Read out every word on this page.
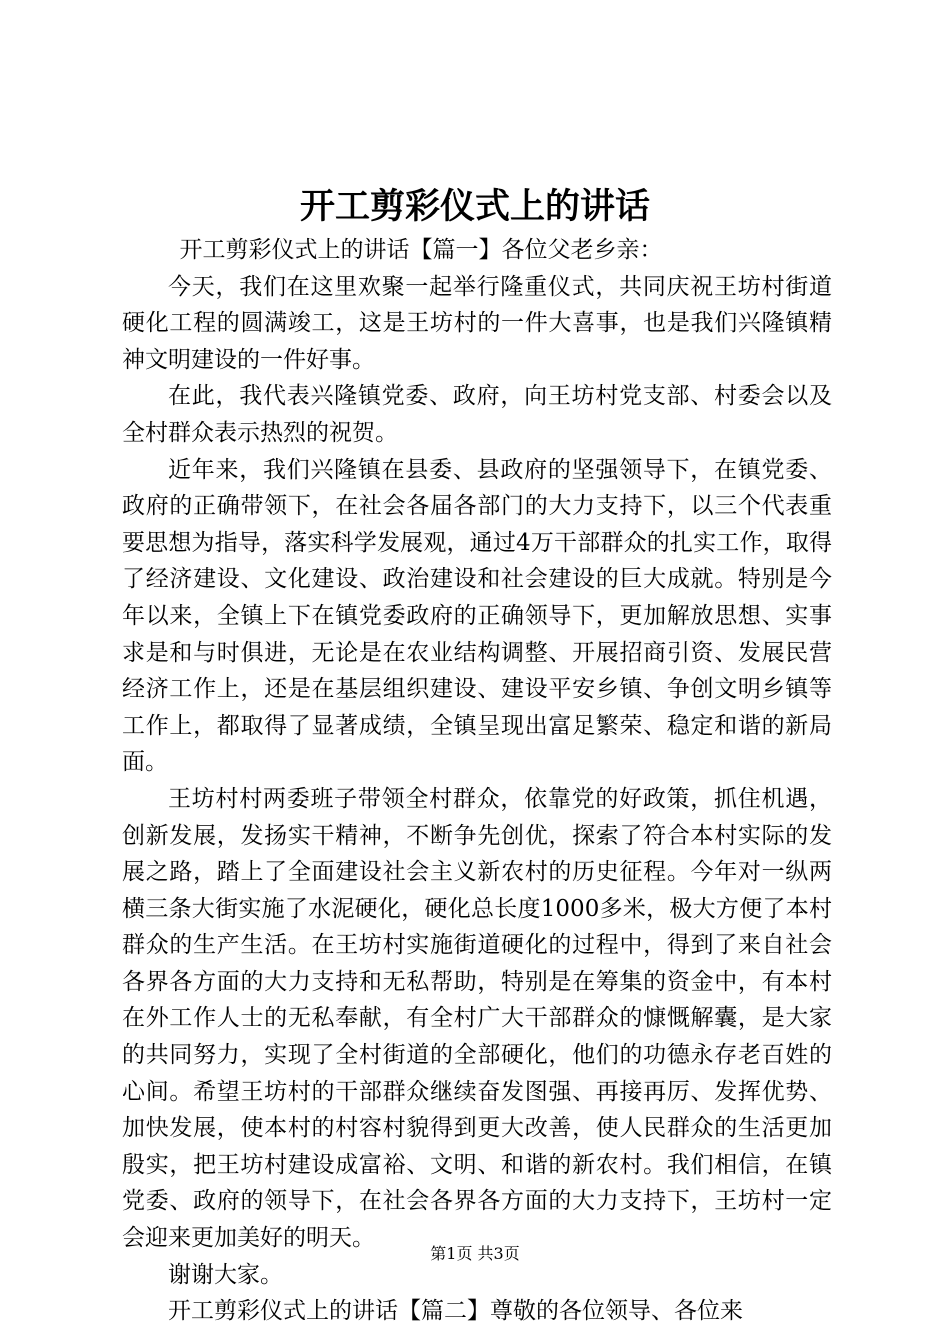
开工剪彩仪式上的讲话

开工剪彩仪式上的讲话【篇一】各位父老乡亲：

今天，我们在这里欢聚一起举行隆重仪式，共同庆祝王坊村街道硬化工程的圆满竣工，这是王坊村的一件大喜事，也是我们兴隆镇精神文明建设的一件好事。

在此，我代表兴隆镇党委、政府，向王坊村党支部、村委会以及全村群众表示热烈的祝贺。

近年来，我们兴隆镇在县委、县政府的坚强领导下，在镇党委、政府的正确带领下，在社会各届各部门的大力支持下，以三个代表重要思想为指导，落实科学发展观，通过4万干部群众的扎实工作，取得了经济建设、文化建设、政治建设和社会建设的巨大成就。特别是今年以来，全镇上下在镇党委政府的正确领导下，更加解放思想、实事求是和与时俱进，无论是在农业结构调整、开展招商引资、发展民营经济工作上，还是在基层组织建设、建设平安乡镇、争创文明乡镇等工作上，都取得了显著成绩，全镇呈现出富足繁荣、稳定和谐的新局面。

王坊村村两委班子带领全村群众，依靠党的好政策，抓住机遇，创新发展，发扬实干精神，不断争先创优，探索了符合本村实际的发展之路，踏上了全面建设社会主义新农村的历史征程。今年对一纵两横三条大街实施了水泥硬化，硬化总长度1000多米，极大方便了本村群众的生产生活。在王坊村实施街道硬化的过程中，得到了来自社会各界各方面的大力支持和无私帮助，特别是在筹集的资金中，有本村在外工作人士的无私奉献，有全村广大干部群众的慷慨解囊，是大家的共同努力，实现了全村街道的全部硬化，他们的功德永存老百姓的心间。希望王坊村的干部群众继续奋发图强、再接再厉、发挥优势、加快发展，使本村的村容村貌得到更大改善，使人民群众的生活更加殷实，把王坊村建设成富裕、文明、和谐的新农村。我们相信，在镇党委、政府的领导下，在社会各界各方面的大力支持下，王坊村一定会迎来更加美好的明天。

谢谢大家。

开工剪彩仪式上的讲话【篇二】尊敬的各位领导、各位来

第1页 共3页
